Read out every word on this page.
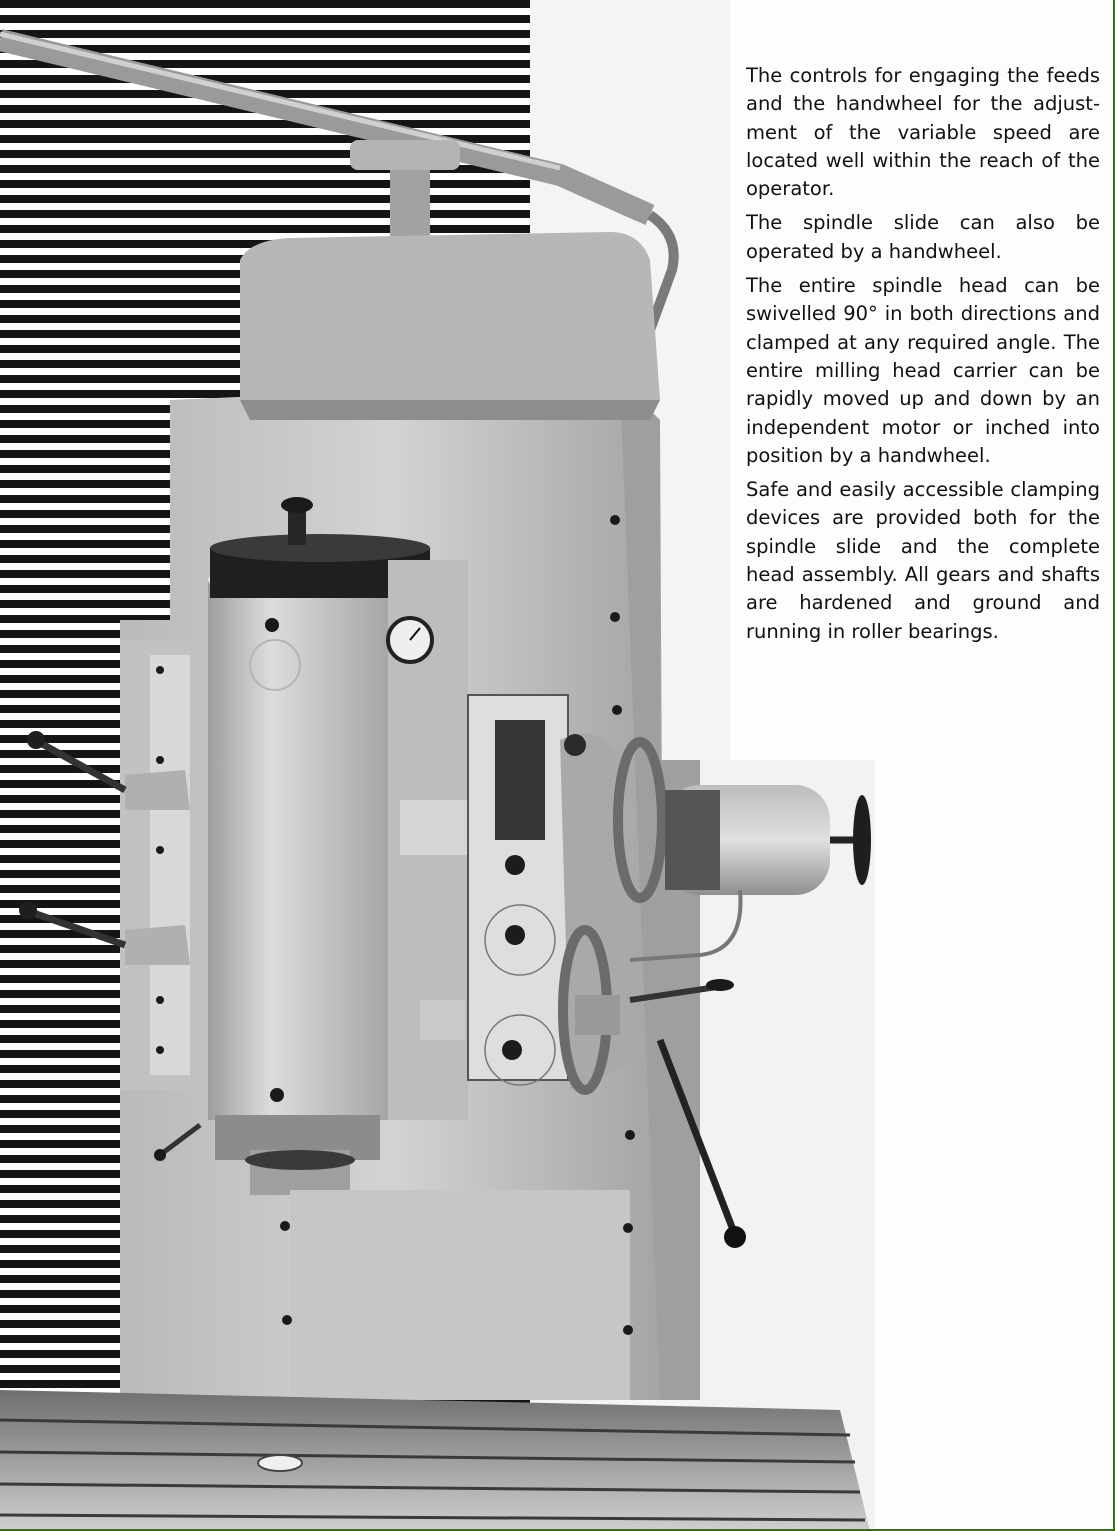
The controls for engaging the feeds and the handwheel for the adjustment of the variable speed are located well within the reach of the operator.

The spindle slide can also be operated by a handwheel.

The entire spindle head can be swivelled 90° in both directions and clamped at any required angle. The entire milling head carrier can be rapidly moved up and down by an independent motor or inched into position by a handwheel.

Safe and easily accessible clamping devices are provided both for the spindle slide and the complete head assembly. All gears and shafts are hardened and ground and running in roller bearings.
